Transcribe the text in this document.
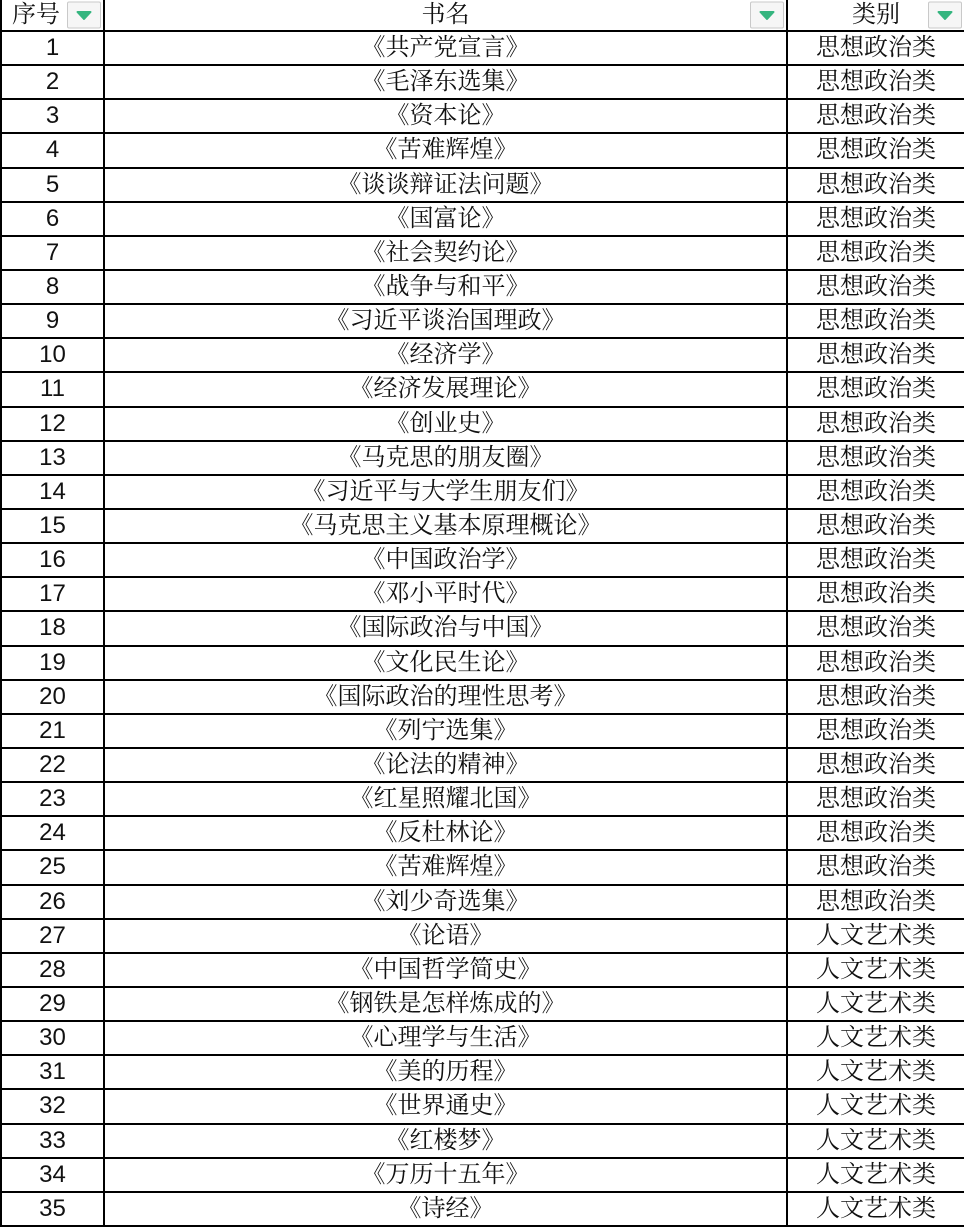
序号	书名	类别
1	《共产党宣言》	思想政治类
2	《毛泽东选集》	思想政治类
3	《资本论》	思想政治类
4	《苦难辉煌》	思想政治类
5	《谈谈辩证法问题》	思想政治类
6	《国富论》	思想政治类
7	《社会契约论》	思想政治类
8	《战争与和平》	思想政治类
9	《习近平谈治国理政》	思想政治类
10	《经济学》	思想政治类
11	《经济发展理论》	思想政治类
12	《创业史》	思想政治类
13	《马克思的朋友圈》	思想政治类
14	《习近平与大学生朋友们》	思想政治类
15	《马克思主义基本原理概论》	思想政治类
16	《中国政治学》	思想政治类
17	《邓小平时代》	思想政治类
18	《国际政治与中国》	思想政治类
19	《文化民生论》	思想政治类
20	《国际政治的理性思考》	思想政治类
21	《列宁选集》	思想政治类
22	《论法的精神》	思想政治类
23	《红星照耀北国》	思想政治类
24	《反杜林论》	思想政治类
25	《苦难辉煌》	思想政治类
26	《刘少奇选集》	思想政治类
27	《论语》	人文艺术类
28	《中国哲学简史》	人文艺术类
29	《钢铁是怎样炼成的》	人文艺术类
30	《心理学与生活》	人文艺术类
31	《美的历程》	人文艺术类
32	《世界通史》	人文艺术类
33	《红楼梦》	人文艺术类
34	《万历十五年》	人文艺术类
35	《诗经》	人文艺术类
